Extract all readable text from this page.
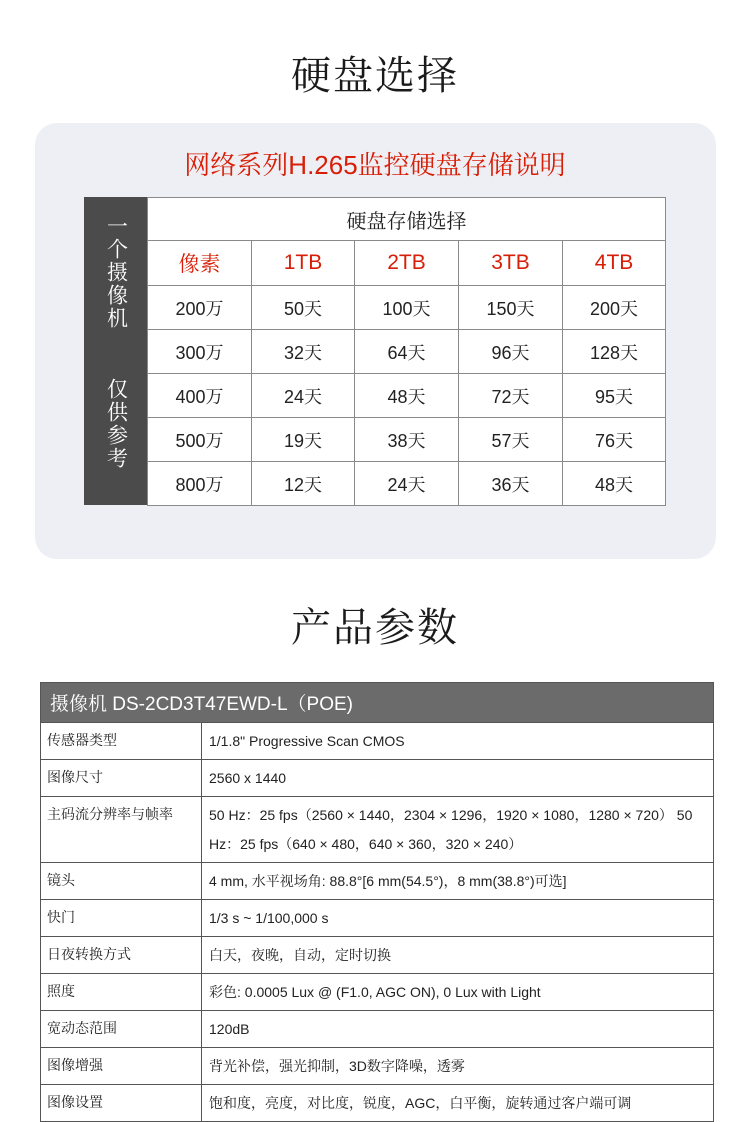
硬盘选择
网络系列H.265监控硬盘存储说明
一个摄像机
仅供参考
硬盘存储选择				
像素	1TB	2TB	3TB	4TB
200万	50天	100天	150天	200天
300万	32天	64天	96天	128天
400万	24天	48天	72天	95天
500万	19天	38天	57天	76天
800万	12天	24天	36天	48天
产品参数
摄像机 DS-2CD3T47EWD-L（POE)	
传感器类型	1/1.8" Progressive Scan CMOS
图像尺寸	2560 x 1440
主码流分辨率与帧率	50 Hz：25 fps（2560 × 1440，2304 × 1296，1920 × 1080，1280 × 720） 50 Hz：25 fps（640 × 480，640 × 360，320 × 240）
镜头	4 mm, 水平视场角: 88.8°[6 mm(54.5°)，8 mm(38.8°)可选]
快门	1/3 s ~ 1/100,000 s
日夜转换方式	白天，夜晚，自动，定时切换
照度	彩色: 0.0005 Lux @ (F1.0, AGC ON), 0 Lux with Light
宽动态范围	120dB
图像增强	背光补偿，强光抑制，3D数字降噪，透雾
图像设置	饱和度，亮度，对比度，锐度，AGC，白平衡，旋转通过客户端可调
